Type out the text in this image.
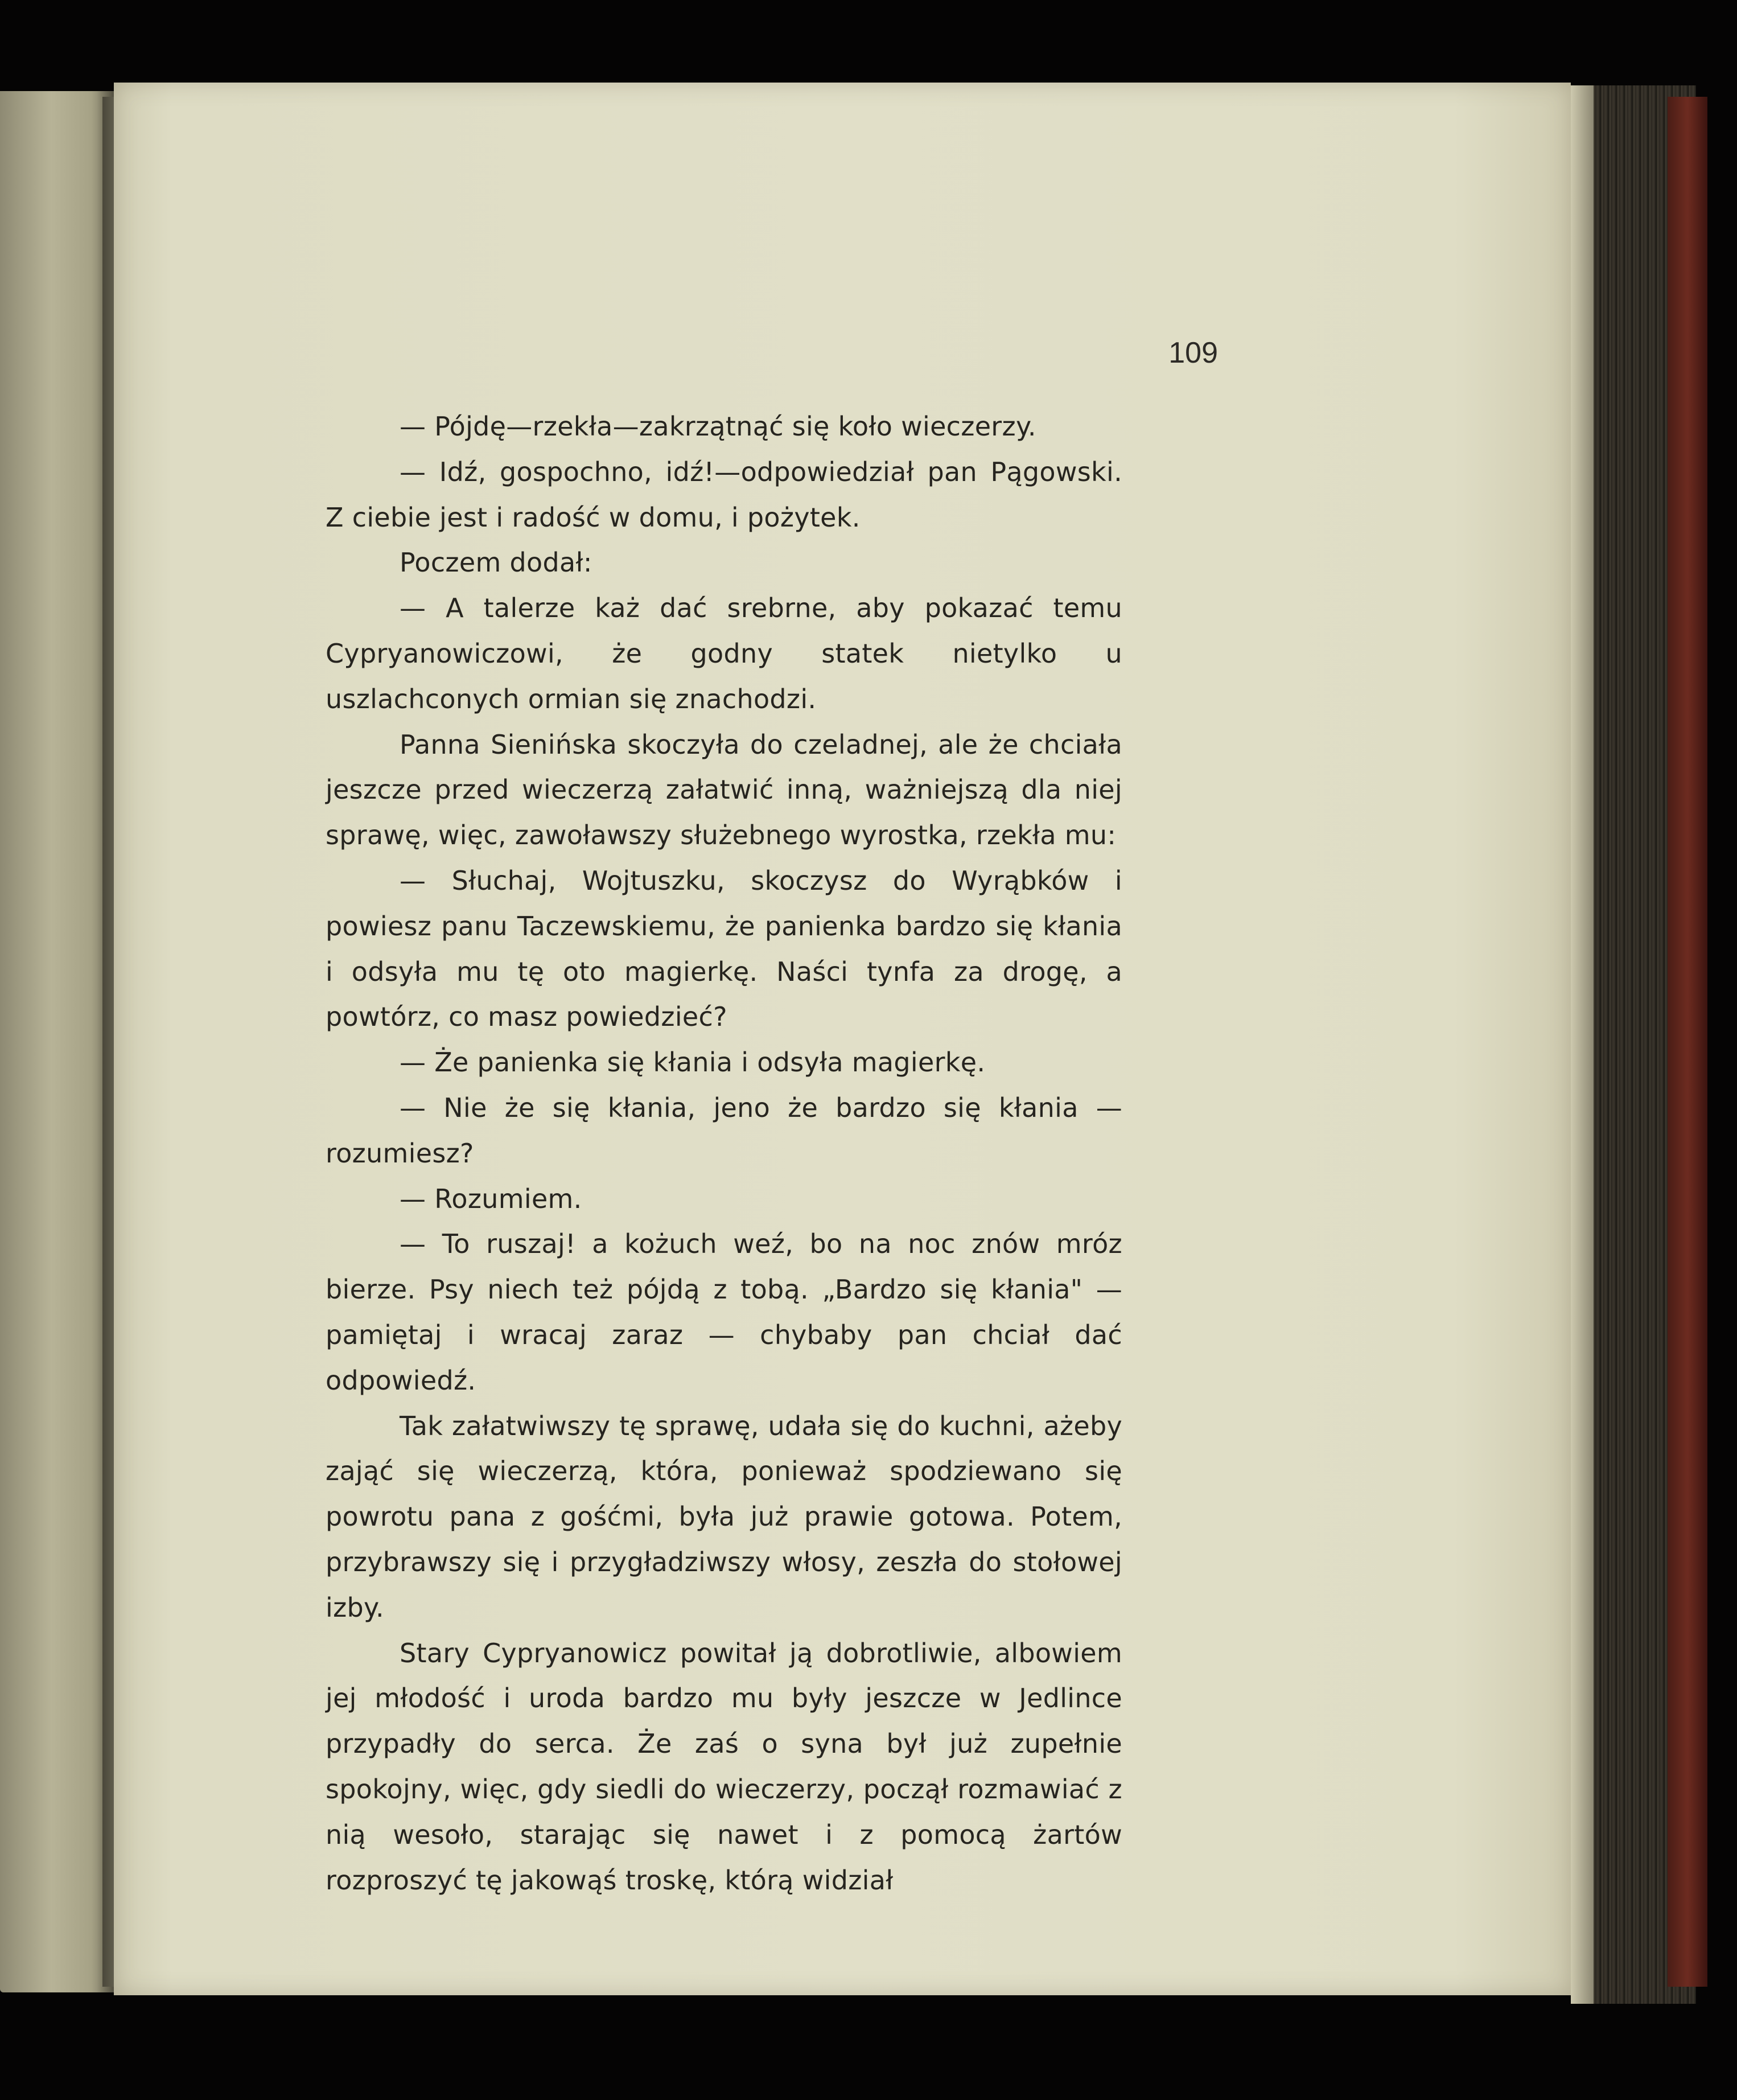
109

— Pójdę—rzekła—zakrzątnąć się koło wieczerzy.

— Idź, gospochno, idź!—odpowiedział pan Pągowski. Z ciebie jest i radość w domu, i pożytek.

Poczem dodał:

— A talerze każ dać srebrne, aby pokazać temu Cypryanowiczowi, że godny statek nietylko u uszlachconych ormian się znachodzi.

Panna Sienińska skoczyła do czeladnej, ale że chciała jeszcze przed wieczerzą załatwić inną, ważniejszą dla niej sprawę, więc, zawoławszy służebnego wyrostka, rzekła mu:

— Słuchaj, Wojtuszku, skoczysz do Wyrąbków i powiesz panu Taczewskiemu, że panienka bardzo się kłania i odsyła mu tę oto magierkę. Naści tynfa za drogę, a powtórz, co masz powiedzieć?

— Że panienka się kłania i odsyła magierkę.

— Nie że się kłania, jeno że bardzo się kłania — rozumiesz?

— Rozumiem.

— To ruszaj! a kożuch weź, bo na noc znów mróz bierze. Psy niech też pójdą z tobą. „Bardzo się kłania" — pamiętaj i wracaj zaraz — chybaby pan chciał dać odpowiedź.

Tak załatwiwszy tę sprawę, udała się do kuchni, ażeby zająć się wieczerzą, która, ponieważ spodziewano się powrotu pana z gośćmi, była już prawie gotowa. Potem, przybrawszy się i przygładziwszy włosy, zeszła do stołowej izby.

Stary Cypryanowicz powitał ją dobrotliwie, albowiem jej młodość i uroda bardzo mu były jeszcze w Jedlince przypadły do serca. Że zaś o syna był już zupełnie spokojny, więc, gdy siedli do wieczerzy, począł rozmawiać z nią wesoło, starając się nawet i z pomocą żartów rozproszyć tę jakowąś troskę, którą widział
